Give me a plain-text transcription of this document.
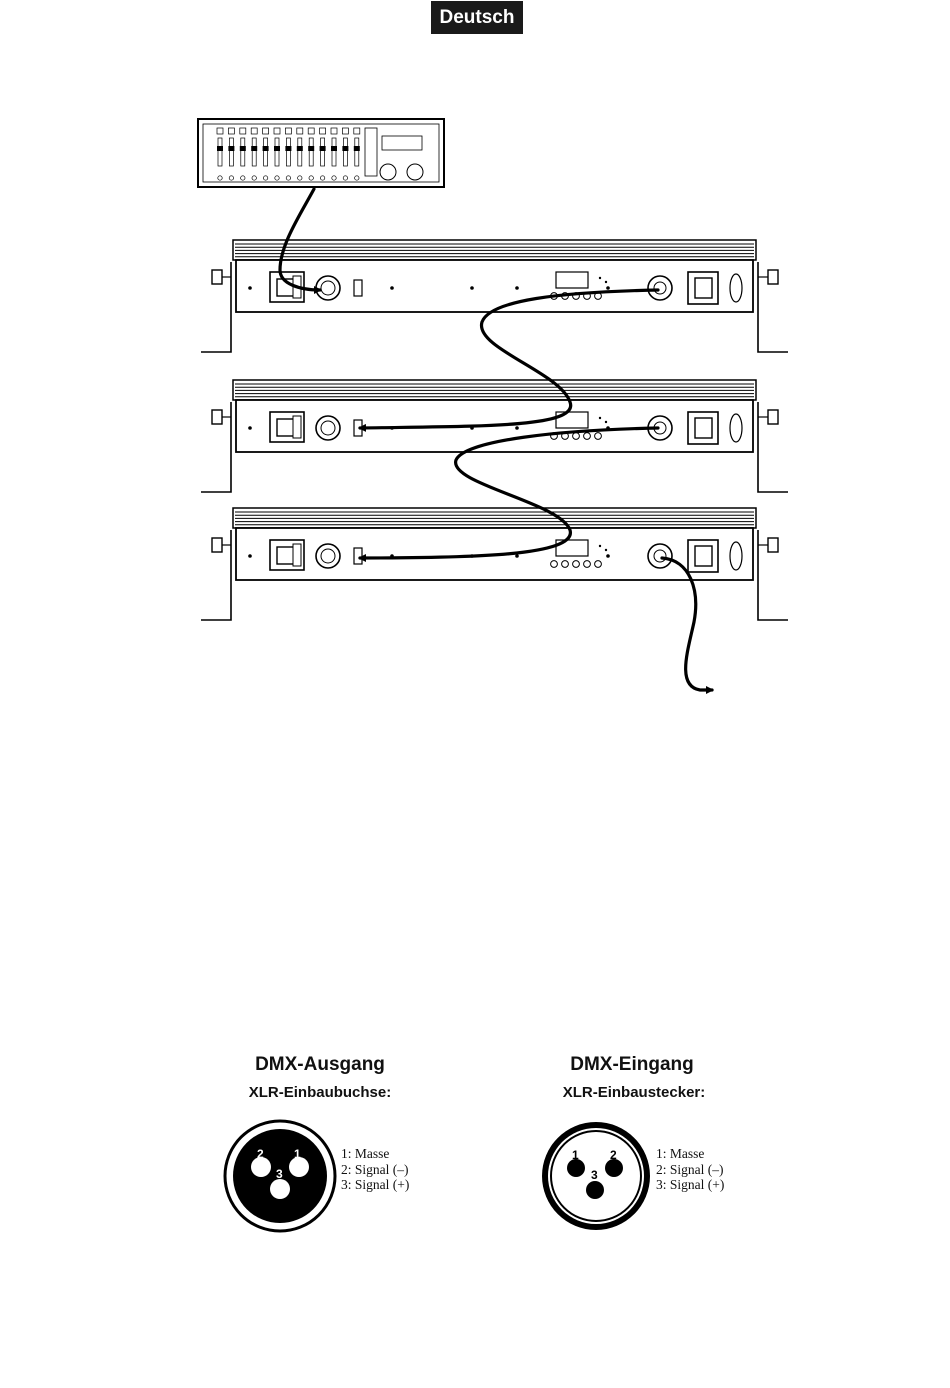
Deutsch
2	1
3
1	2
3
DMX-Ausgang
XLR-Einbaubuchse:
1: Masse
2: Signal (–)
3: Signal (+)
DMX-Eingang
XLR-Einbaustecker:
1: Masse
2: Signal (–)
3: Signal (+)
